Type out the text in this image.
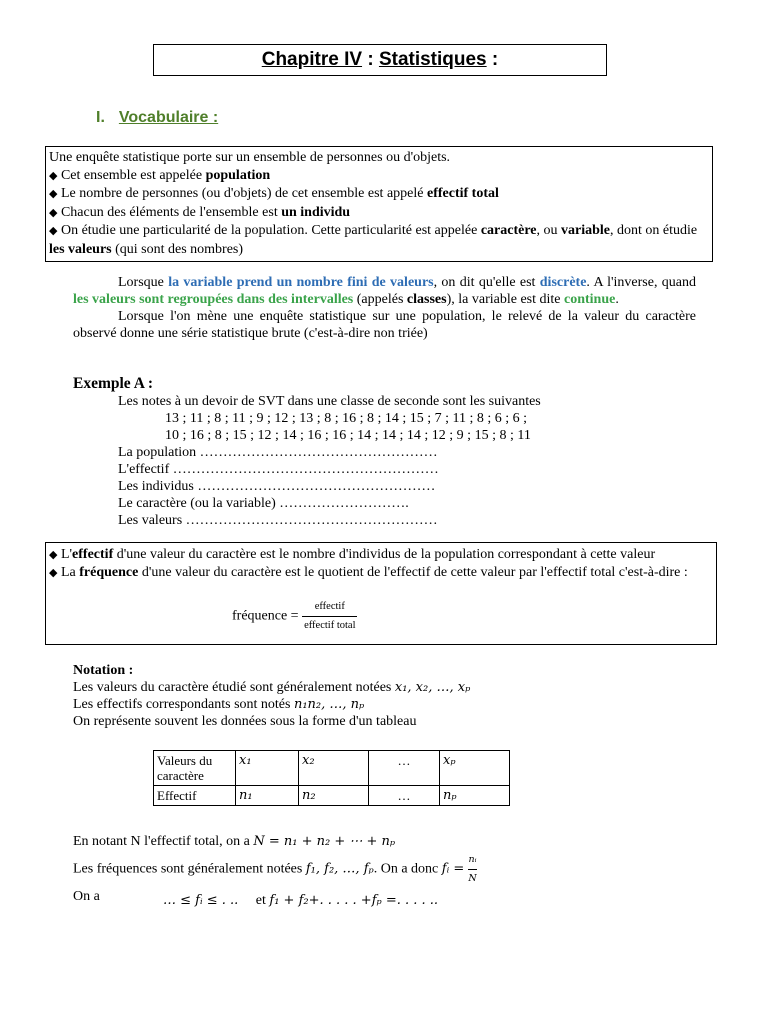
Chapitre IV : Statistiques :
I. Vocabulaire :

Une enquête statistique porte sur un ensemble de personnes ou d'objets.

◆ Cet ensemble est appelée population

◆ Le nombre de personnes (ou d'objets) de cet ensemble est appelé effectif total

◆ Chacun des éléments de l'ensemble est un individu

◆ On étudie une particularité de la population. Cette particularité est appelée caractère, ou variable, dont on étudie les valeurs (qui sont des nombres)

Lorsque la variable prend un nombre fini de valeurs, on dit qu'elle est discrète. A l'inverse, quand les valeurs sont regroupées dans des intervalles (appelés classes), la variable est dite continue.

Lorsque l'on mène une enquête statistique sur une population, le relevé de la valeur du caractère observé donne une série statistique brute (c'est-à-dire non triée)

Exemple A :
Les notes à un devoir de SVT dans une classe de seconde sont les suivantes
13 ; 11 ; 8 ; 11 ; 9 ; 12 ; 13 ; 8 ; 16 ; 8 ; 14 ; 15 ; 7 ; 11 ; 8 ; 6 ; 6 ;
10 ; 16 ; 8 ; 15 ; 12 ; 14 ; 16 ; 16 ; 14 ; 14 ; 14 ; 12 ; 9 ; 15 ; 8 ; 11
La population ……………………………………………
L'effectif …………………………………………………
Les individus ……………………………………………
Le caractère (ou la variable) ……………………….
Les valeurs ………………………………………………

◆ L'effectif d'une valeur du caractère est le nombre d'individus de la population correspondant à cette valeur

◆ La fréquence d'une valeur du caractère est le quotient de l'effectif de cette valeur par l'effectif total c'est-à-dire :

fréquence = $\frac{\text{effectif}}{\text{effectif total}}$
Notation :
Les valeurs du caractère étudié sont généralement notées x₁, x₂, …, xₚ
Les effectifs correspondants sont notés n₁n₂, …, nₚ
On représente souvent les données sous la forme d'un tableau
Valeurs du caractère	x₁	x₂	…	xₚ
Effectif	n₁	n₂	…	nₚ
En notant N l'effectif total, on a N = n₁ + n₂ + ⋯ + nₚ
Les fréquences sont généralement notées f₁, f₂, …, fₚ. On a donc fᵢ = $\frac{\text{nᵢ}}{N}$
On a	… ≤ fᵢ ≤ . .. et f₁ + f₂+. . . . . +fₚ =. . . . ..
